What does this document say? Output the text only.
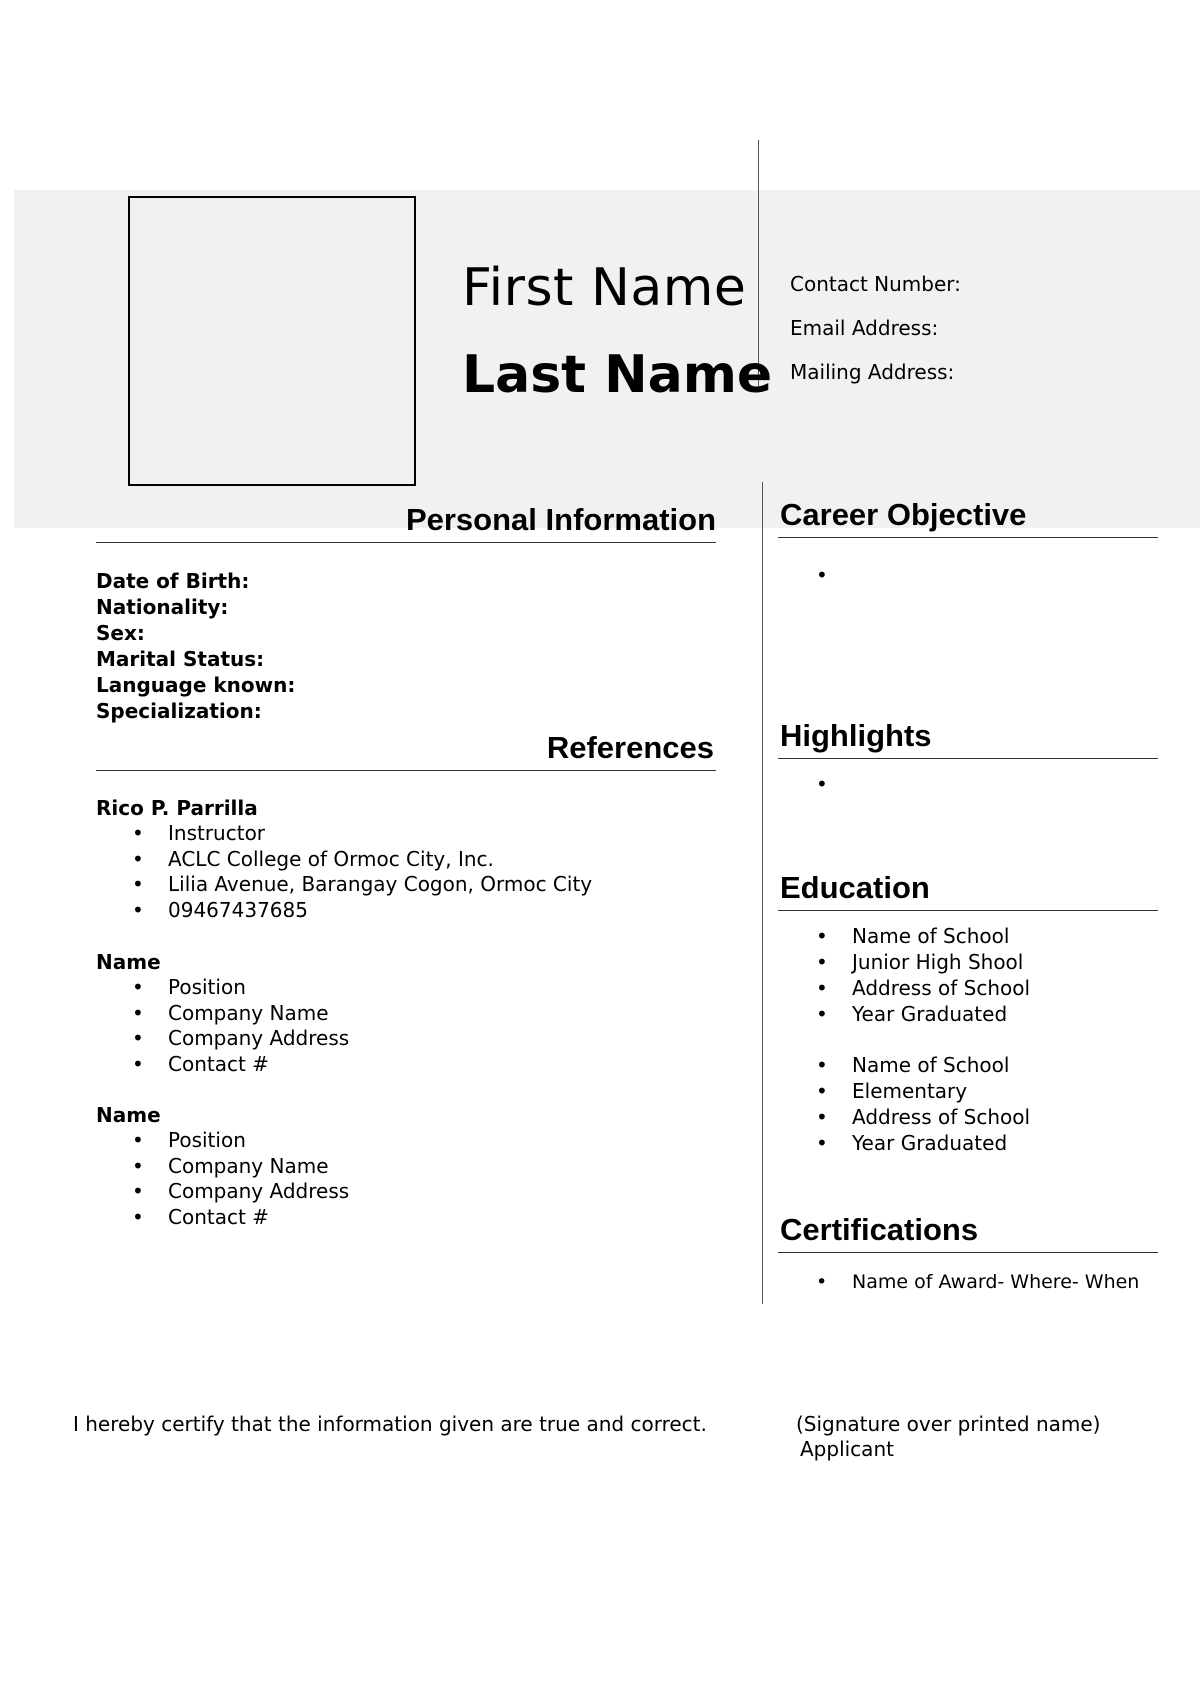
First Name
Last Name
Contact Number:
Email Address:
Mailing Address:
Personal Information
Date of Birth:
Nationality:
Sex:
Marital Status:
Language known:
Specialization:
References
Rico P. Parrilla
• Instructor
• ACLC College of Ormoc City, Inc.
• Lilia Avenue, Barangay Cogon, Ormoc City
• 09467437685
Name
• Position
• Company Name
• Company Address
• Contact #
Name
• Position
• Company Name
• Company Address
• Contact #
Career Objective
Highlights
Education
• Name of School
• Junior High Shool
• Address of School
• Year Graduated
• Name of School
• Elementary
• Address of School
• Year Graduated
Certifications
• Name of Award- Where- When
I hereby certify that the information given are true and correct.	(Signature over printed name)
Applicant
